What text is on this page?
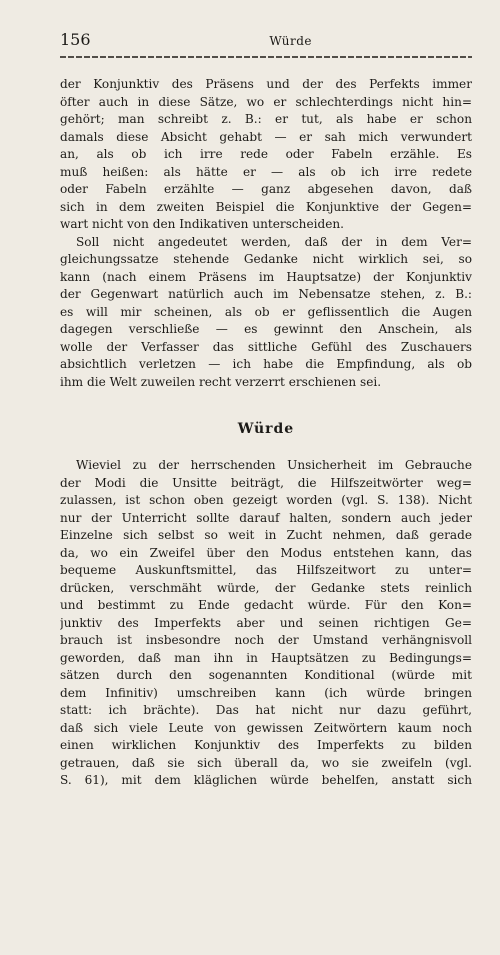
156	Würde

der Konjunktiv des Präsens und der des Perfekts immer
öfter auch in diese Sätze, wo er schlechterdings nicht hin=
gehört; man schreibt z. B.: er tut, als habe er schon
damals diese Absicht gehabt — er sah mich verwundert
an, als ob ich irre rede oder Fabeln erzähle. Es
muß heißen: als hätte er — als ob ich irre redete
oder Fabeln erzählte — ganz abgesehen davon, daß
sich in dem zweiten Beispiel die Konjunktive der Gegen=
wart nicht von den Indikativen unterscheiden.

Soll nicht angedeutet werden, daß der in dem Ver=
gleichungssatze stehende Gedanke nicht wirklich sei, so
kann (nach einem Präsens im Hauptsatze) der Konjunktiv
der Gegenwart natürlich auch im Nebensatze stehen, z. B.:
es will mir scheinen, als ob er geflissentlich die Augen
dagegen verschließe — es gewinnt den Anschein, als
wolle der Verfasser das sittliche Gefühl des Zuschauers
absichtlich verletzen — ich habe die Empfindung, als ob
ihm die Welt zuweilen recht verzerrt erschienen sei.

Würde

Wieviel zu der herrschenden Unsicherheit im Gebrauche
der Modi die Unsitte beiträgt, die Hilfszeitwörter weg=
zulassen, ist schon oben gezeigt worden (vgl. S. 138). Nicht
nur der Unterricht sollte darauf halten, sondern auch jeder
Einzelne sich selbst so weit in Zucht nehmen, daß gerade
da, wo ein Zweifel über den Modus entstehen kann, das
bequeme Auskunftsmittel, das Hilfszeitwort zu unter=
drücken, verschmäht würde, der Gedanke stets reinlich
und bestimmt zu Ende gedacht würde. Für den Kon=
junktiv des Imperfekts aber und seinen richtigen Ge=
brauch ist insbesondre noch der Umstand verhängnisvoll
geworden, daß man ihn in Hauptsätzen zu Bedingungs=
sätzen durch den sogenannten Konditional (würde mit
dem Infinitiv) umschreiben kann (ich würde bringen
statt: ich brächte). Das hat nicht nur dazu geführt,
daß sich viele Leute von gewissen Zeitwörtern kaum noch
einen wirklichen Konjunktiv des Imperfekts zu bilden
getrauen, daß sie sich überall da, wo sie zweifeln (vgl.
S. 61), mit dem kläglichen würde behelfen, anstatt sich
